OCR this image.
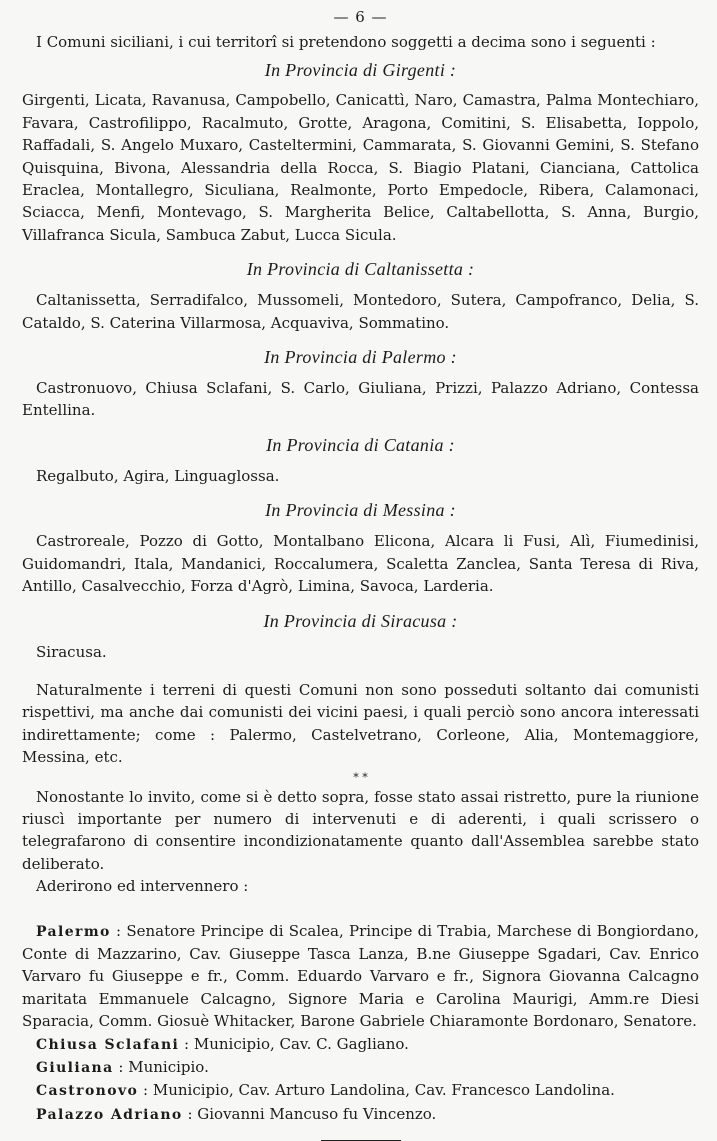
— 6 —

I Comuni siciliani, i cui territorî si pretendono soggetti a decima sono i seguenti :

In Provincia di Girgenti :

Girgenti, Licata, Ravanusa, Campobello, Canicattì, Naro, Camastra, Palma Montechiaro, Favara, Castrofilippo, Racalmuto, Grotte, Aragona, Comitini, S. Elisabetta, Ioppolo, Raffadali, S. Angelo Muxaro, Casteltermini, Cammarata, S. Giovanni Gemini, S. Stefano Quisquina, Bivona, Alessandria della Rocca, S. Biagio Platani, Cianciana, Cattolica Eraclea, Montallegro, Siculiana, Realmonte, Porto Empedocle, Ribera, Calamonaci, Sciacca, Menfi, Montevago, S. Margherita Belice, Caltabellotta, S. Anna, Burgio, Villafranca Sicula, Sambuca Zabut, Lucca Sicula.

In Provincia di Caltanissetta :

Caltanissetta, Serradifalco, Mussomeli, Montedoro, Sutera, Campofranco, Delia, S. Cataldo, S. Caterina Villarmosa, Acquaviva, Sommatino.

In Provincia di Palermo :

Castronuovo, Chiusa Sclafani, S. Carlo, Giuliana, Prizzi, Palazzo Adriano, Contessa Entellina.

In Provincia di Catania :

Regalbuto, Agira, Linguaglossa.

In Provincia di Messina :

Castroreale, Pozzo di Gotto, Montalbano Elicona, Alcara li Fusi, Alì, Fiumedinisi, Guidomandri, Itala, Mandanici, Roccalumera, Scaletta Zanclea, Santa Teresa di Riva, Antillo, Casalvecchio, Forza d'Agrò, Limina, Savoca, Larderia.

In Provincia di Siracusa :

Siracusa.

Naturalmente i terreni di questi Comuni non sono posseduti soltanto dai comunisti rispettivi, ma anche dai comunisti dei vicini paesi, i quali perciò sono ancora interessati indirettamente; come : Palermo, Castelvetrano, Corleone, Alia, Montemaggiore, Messina, etc.

* *

Nonostante lo invito, come si è detto sopra, fosse stato assai ristretto, pure la riunione riuscì importante per numero di intervenuti e di aderenti, i quali scrissero o telegrafarono di consentire incondizionatamente quanto dall'Assemblea sarebbe stato deliberato.

Aderirono ed intervennero :

Palermo : Senatore Principe di Scalea, Principe di Trabia, Marchese di Bongiordano, Conte di Mazzarino, Cav. Giuseppe Tasca Lanza, B.ne Giuseppe Sgadari, Cav. Enrico Varvaro fu Giuseppe e fr., Comm. Eduardo Varvaro e fr., Signora Giovanna Calcagno maritata Emmanuele Calcagno, Signore Maria e Carolina Maurigi, Amm.re Diesi Sparacia, Comm. Giosuè Whitacker, Barone Gabriele Chiaramonte Bordonaro, Senatore.

Chiusa Sclafani : Municipio, Cav. C. Gagliano.

Giuliana : Municipio.

Castronovo : Municipio, Cav. Arturo Landolina, Cav. Francesco Landolina.

Palazzo Adriano : Giovanni Mancuso fu Vincenzo.
